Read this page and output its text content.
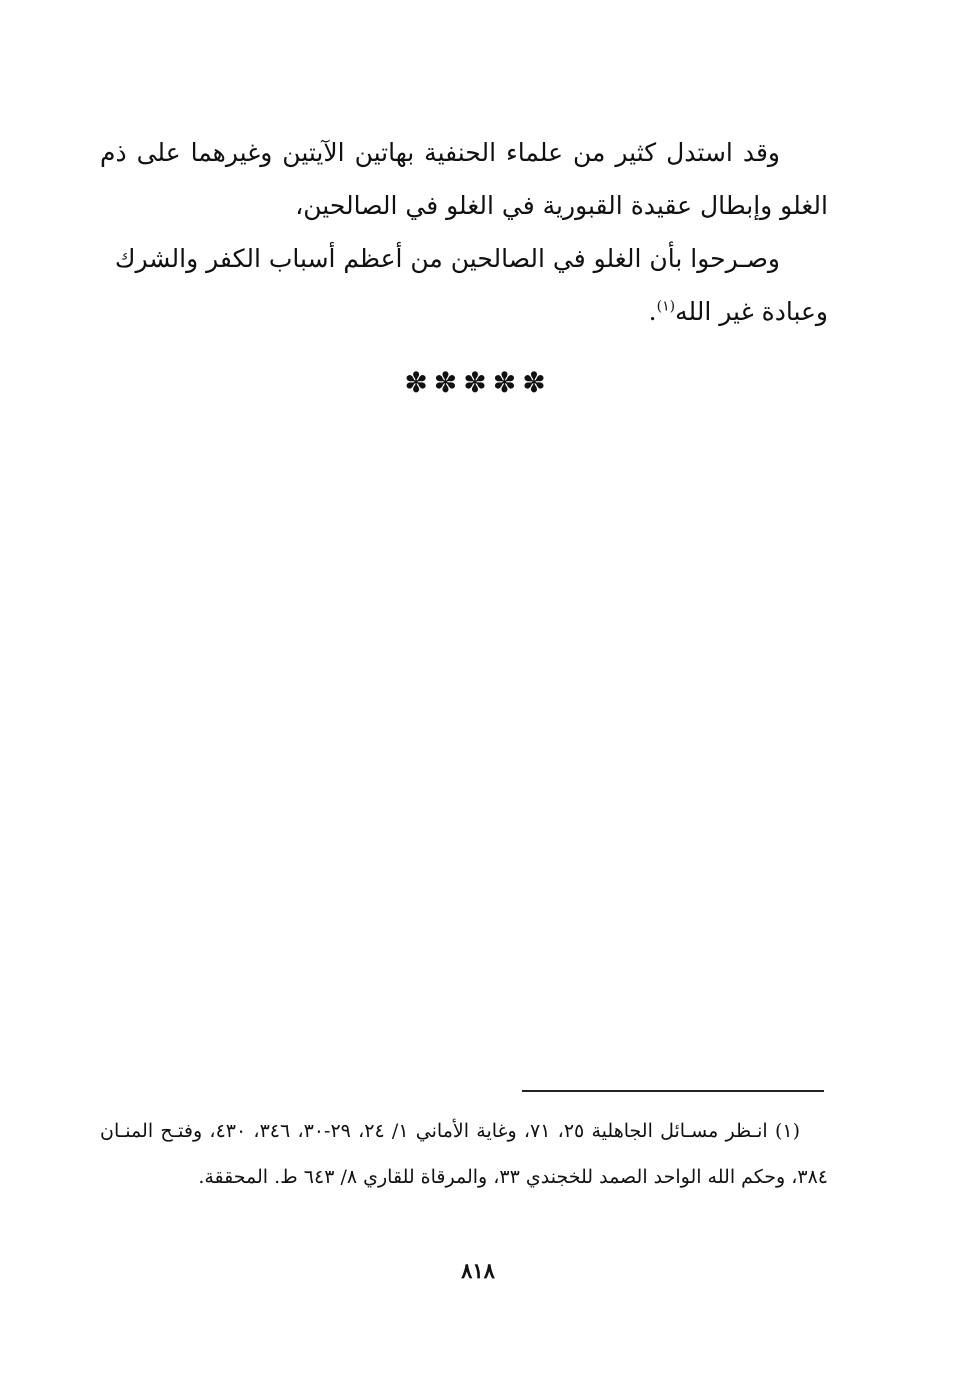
وقد استدل كثير من علماء الحنفية بهاتين الآيتين وغيرهما على ذم الغلو وإبطال عقيدة القبورية في الغلو في الصالحين،

وصـرحوا بأن الغلو في الصالحين من أعظم أسباب الكفر والشرك وعبادة غير الله$^{(١)}$.

✽✽✽✽✽

(١) انـظر مسـائل الجاهلية ٢٥، ٧١، وغاية الأماني ١/ ٢٤، ٢٩-٣٠، ٣٤٦، ٤٣٠، وفتـح المنـان ٣٨٤، وحكم الله الواحد الصمد للخجندي ٣٣، والمرقاة للقاري ٨/ ٦٤٣ ط. المحققة.

٨١٨
